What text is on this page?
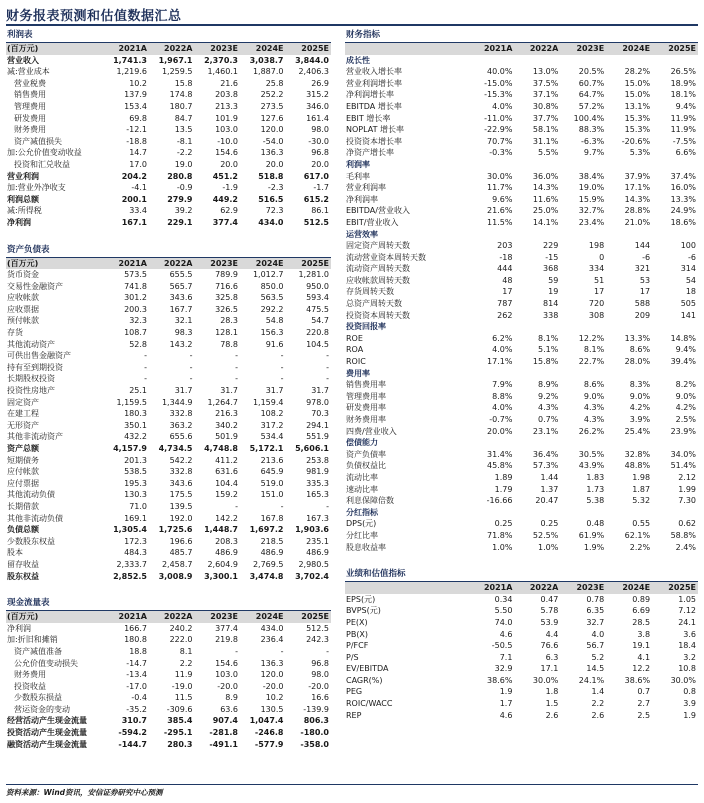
财务报表预测和估值数据汇总
利润表
(百万元)	2021A	2022A	2023E	2024E	2025E
营业收入	1,741.3	1,967.1	2,370.3	3,038.7	3,844.0
减:营业成本	1,219.6	1,259.5	1,460.1	1,887.0	2,406.3
营业税费	10.2	15.8	21.6	25.8	26.9
销售费用	137.9	174.8	203.8	252.2	315.2
管理费用	153.4	180.7	213.3	273.5	346.0
研发费用	69.8	84.7	101.9	127.6	161.4
财务费用	-12.1	13.5	103.0	120.0	98.0
资产减值损失	-18.8	-8.1	-10.0	-54.0	-30.0
加:公允价值变动收益	14.7	-2.2	154.6	136.3	96.8
投资和汇兑收益	17.0	19.0	20.0	20.0	20.0
营业利润	204.2	280.8	451.2	518.8	617.0
加:营业外净收支	-4.1	-0.9	-1.9	-2.3	-1.7
利润总额	200.1	279.9	449.2	516.5	615.2
减:所得税	33.4	39.2	62.9	72.3	86.1
净利润	167.1	229.1	377.4	434.0	512.5
资产负债表
(百万元)	2021A	2022A	2023E	2024E	2025E
货币资金	573.5	655.5	789.9	1,012.7	1,281.0
交易性金融资产	741.8	565.7	716.6	850.0	950.0
应收帐款	301.2	343.6	325.8	563.5	593.4
应收票据	200.3	167.7	326.5	292.2	475.5
预付帐款	32.3	32.1	28.3	54.8	54.7
存货	108.7	98.3	128.1	156.3	220.8
其他流动资产	52.8	143.2	78.8	91.6	104.5
可供出售金融资产	-	-	-	-	-
持有至到期投资	-	-	-	-	-
长期股权投资	-	-	-	-	-
投资性房地产	25.1	31.7	31.7	31.7	31.7
固定资产	1,159.5	1,344.9	1,264.7	1,159.4	978.0
在建工程	180.3	332.8	216.3	108.2	70.3
无形资产	350.1	363.2	340.2	317.2	294.1
其他非流动资产	432.2	655.6	501.9	534.4	551.9
资产总额	4,157.9	4,734.5	4,748.8	5,172.1	5,606.1
短期债务	201.3	542.2	411.2	213.6	253.8
应付帐款	538.5	332.8	631.6	645.9	981.9
应付票据	195.3	343.6	104.4	519.0	335.3
其他流动负债	130.3	175.5	159.2	151.0	165.3
长期借款	71.0	139.5	-	-	-
其他非流动负债	169.1	192.0	142.2	167.8	167.3
负债总额	1,305.4	1,725.6	1,448.7	1,697.2	1,903.6
少数股东权益	172.3	196.6	208.3	218.5	235.1
股本	484.3	485.7	486.9	486.9	486.9
留存收益	2,333.7	2,458.7	2,604.9	2,769.5	2,980.5
股东权益	2,852.5	3,008.9	3,300.1	3,474.8	3,702.4
现金流量表
(百万元)	2021A	2022A	2023E	2024E	2025E
净利润	166.7	240.2	377.4	434.0	512.5
加:折旧和摊销	180.8	222.0	219.8	236.4	242.3
资产减值准备	18.8	8.1	-	-	-
公允价值变动损失	-14.7	2.2	154.6	136.3	96.8
财务费用	-13.4	11.9	103.0	120.0	98.0
投资收益	-17.0	-19.0	-20.0	-20.0	-20.0
少数股东损益	-0.4	11.5	8.9	10.2	16.6
营运资金的变动	-35.2	-309.6	63.6	130.5	-139.9
经营活动产生现金流量	310.7	385.4	907.4	1,047.4	806.3
投资活动产生现金流量	-594.2	-295.1	-281.8	-246.8	-180.0
融资活动产生现金流量	-144.7	280.3	-491.1	-577.9	-358.0
财务指标
	2021A	2022A	2023E	2024E	2025E
成长性					
营业收入增长率	40.0%	13.0%	20.5%	28.2%	26.5%
营业利润增长率	-15.0%	37.5%	60.7%	15.0%	18.9%
净利润增长率	-15.3%	37.1%	64.7%	15.0%	18.1%
EBITDA 增长率	4.0%	30.8%	57.2%	13.1%	9.4%
EBIT 增长率	-11.0%	37.7%	100.4%	15.3%	11.9%
NOPLAT 增长率	-22.9%	58.1%	88.3%	15.3%	11.9%
投资资本增长率	70.7%	31.1%	-6.3%	-20.6%	-7.5%
净资产增长率	-0.3%	5.5%	9.7%	5.3%	6.6%
利润率					
毛利率	30.0%	36.0%	38.4%	37.9%	37.4%
营业利润率	11.7%	14.3%	19.0%	17.1%	16.0%
净利润率	9.6%	11.6%	15.9%	14.3%	13.3%
EBITDA/营业收入	21.6%	25.0%	32.7%	28.8%	24.9%
EBIT/营业收入	11.5%	14.1%	23.4%	21.0%	18.6%
运营效率					
固定资产周转天数	203	229	198	144	100
流动营业资本周转天数	-18	-15	0	-6	-6
流动资产周转天数	444	368	334	321	314
应收帐款周转天数	48	59	51	53	54
存货周转天数	17	19	17	17	18
总资产周转天数	787	814	720	588	505
投资资本周转天数	262	338	308	209	141
投资回报率					
ROE	6.2%	8.1%	12.2%	13.3%	14.8%
ROA	4.0%	5.1%	8.1%	8.6%	9.4%
ROIC	17.1%	15.8%	22.7%	28.0%	39.4%
费用率					
销售费用率	7.9%	8.9%	8.6%	8.3%	8.2%
管理费用率	8.8%	9.2%	9.0%	9.0%	9.0%
研发费用率	4.0%	4.3%	4.3%	4.2%	4.2%
财务费用率	-0.7%	0.7%	4.3%	3.9%	2.5%
四费/营业收入	20.0%	23.1%	26.2%	25.4%	23.9%
偿债能力					
资产负债率	31.4%	36.4%	30.5%	32.8%	34.0%
负债权益比	45.8%	57.3%	43.9%	48.8%	51.4%
流动比率	1.89	1.44	1.83	1.98	2.12
速动比率	1.79	1.37	1.73	1.87	1.99
利息保障倍数	-16.66	20.47	5.38	5.32	7.30
分红指标					
DPS(元)	0.25	0.25	0.48	0.55	0.62
分红比率	71.8%	52.5%	61.9%	62.1%	58.8%
股息收益率	1.0%	1.0%	1.9%	2.2%	2.4%
业绩和估值指标
	2021A	2022A	2023E	2024E	2025E
EPS(元)	0.34	0.47	0.78	0.89	1.05
BVPS(元)	5.50	5.78	6.35	6.69	7.12
PE(X)	74.0	53.9	32.7	28.5	24.1
PB(X)	4.6	4.4	4.0	3.8	3.6
P/FCF	-50.5	76.6	56.7	19.1	18.4
P/S	7.1	6.3	5.2	4.1	3.2
EV/EBITDA	32.9	17.1	14.5	12.2	10.8
CAGR(%)	38.6%	30.0%	24.1%	38.6%	30.0%
PEG	1.9	1.8	1.4	0.7	0.8
ROIC/WACC	1.7	1.5	2.2	2.7	3.9
REP	4.6	2.6	2.6	2.5	1.9
资料来源：Wind资讯，安信证券研究中心预测
